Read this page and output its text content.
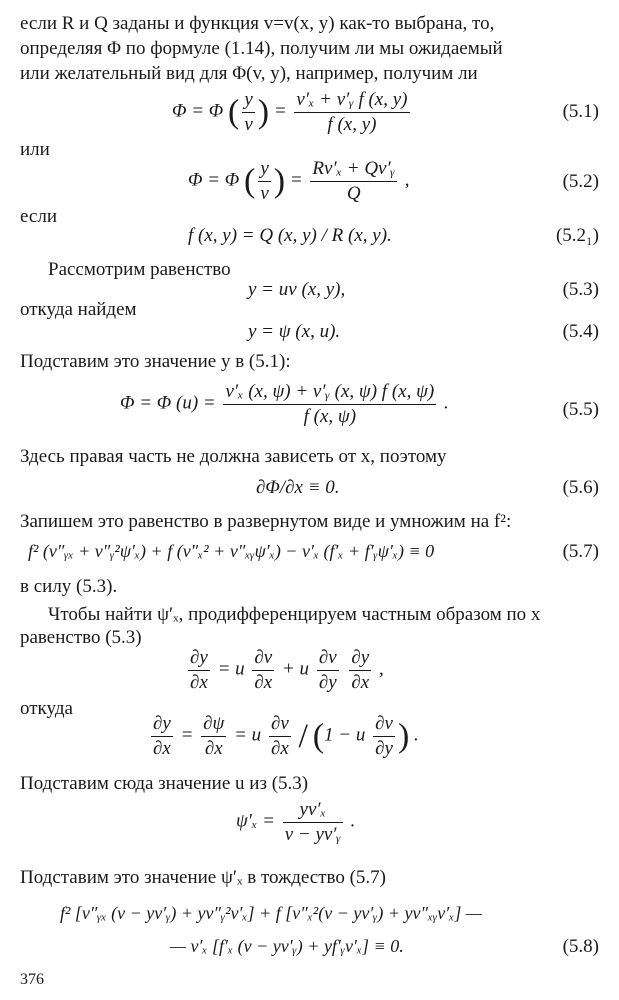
если R и Q заданы и функция v=v(x, y) как-то выбрана, то,
определяя Φ по формуле (1.14), получим ли мы ожидаемый
или желательный вид для Φ(v, y), например, получим ли
Φ = Φ ( $\frac{y}{v}$ ) = $\frac{\text{v′ₓ + v′ᵧ f (x, y)}}{f (x, y)}$	(5.1)
или
Φ = Φ ( $\frac{y}{v}$ ) = $\frac{\text{Rv′ₓ + Qv′ᵧ}}{Q}$ ,	(5.2)
если
f (x, y) = Q (x, y) / R (x, y).	(5.2₁)
Рассмотрим равенство
y = uv (x, y),	(5.3)
откуда найдем
y = ψ (x, u).	(5.4)
Подставим это значение y в (5.1):
Φ = Φ $(u) = \frac{\text{v′ₓ (x, ψ) + v′ᵧ (x, ψ) f (x, ψ)}}{f (x, \psi)}$ .	(5.5)
Здесь правая часть не должна зависеть от x, поэтому
∂Φ/∂x ≡ 0.	(5.6)
Запишем это равенство в развернутом виде и умножим на f²:
f² (v″ᵧₓ + v″ᵧ²ψ′ₓ) + f (v″ₓ² + v″ₓᵧψ′ₓ) − v′ₓ (f′ₓ + f′ᵧψ′ₓ) ≡ 0	(5.7)
в силу (5.3).
Чтобы найти ψ′ₓ, продифференцируем частным образом по x
равенство (5.3)
$\frac{\partial y}{\partial x} = u \frac{\partial v}{\partial x} + u \frac{\partial v}{\partial y}$
$\frac{\partial y}{\partial x}$ ,
откуда
$\frac{\partial y}{\partial x} = \frac{\partial\psi}{\partial x} = u \frac{\partial v}{\partial x} / (1 - u \frac{\partial v}{\partial y}$ ) .
Подставим сюда значение u из (5.3)
$\psi'_x = \frac{\text{yv′ₓ}}{\text{v − yv′ᵧ}}$ .
Подставим это значение ψ′ₓ в тождество (5.7)
f² [v″ᵧₓ (v − yv′ᵧ) + yv″ᵧ²v′ₓ] + f [v″ₓ²(v − yv′ᵧ) + yv″ₓᵧv′ₓ] —
— v′ₓ [f′ₓ (v − yv′ᵧ) + yf′ᵧv′ₓ] ≡ 0.	(5.8)
376
